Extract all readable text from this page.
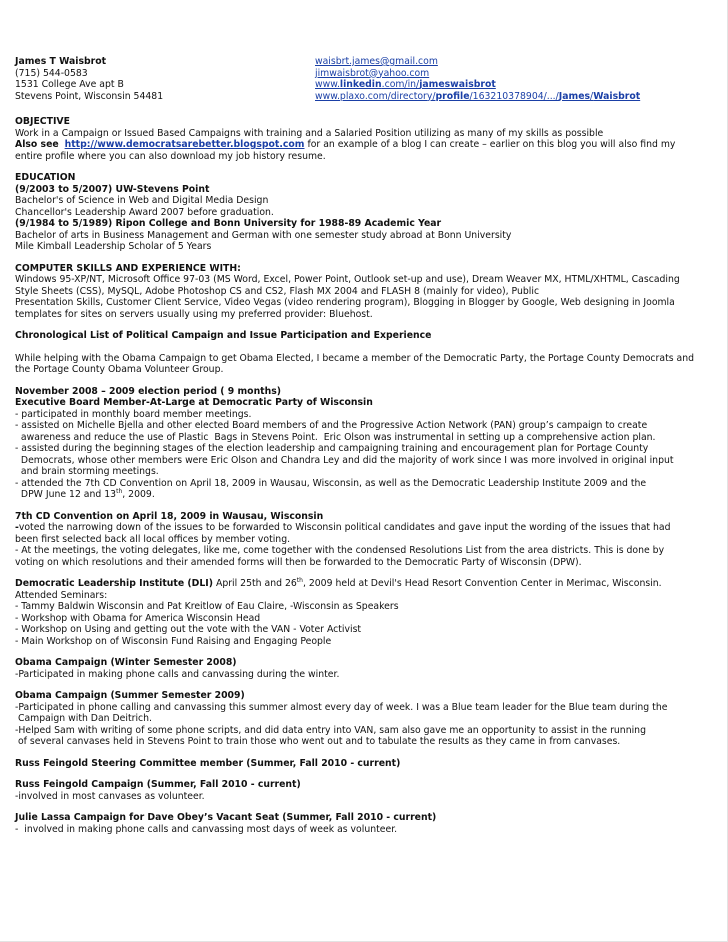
James T Waisbrot
(715) 544-0583
1531 College Ave apt B
Stevens Point, Wisconsin 54481
waisbrt.james@gmail.com
jimwaisbrot@yahoo.com
www.linkedin.com/in/jameswaisbrot
www.plaxo.com/directory/profile/163210378904/.../James/Waisbrot
OBJECTIVE
Work in a Campaign or Issued Based Campaigns with training and a Salaried Position utilizing as many of my skills as possible
Also see http://www.democratsarebetter.blogspot.com for an example of a blog I can create – earlier on this blog you will also find my
entire profile where you can also download my job history resume.
EDUCATION
(9/2003 to 5/2007) UW-Stevens Point
Bachelor's of Science in Web and Digital Media Design
Chancellor's Leadership Award 2007 before graduation.
(9/1984 to 5/1989) Ripon College and Bonn University for 1988-89 Academic Year
Bachelor of arts in Business Management and German with one semester study abroad at Bonn University
Mile Kimball Leadership Scholar of 5 Years
COMPUTER SKILLS AND EXPERIENCE WITH:
Windows 95-XP/NT, Microsoft Office 97-03 (MS Word, Excel, Power Point, Outlook set-up and use), Dream Weaver MX, HTML/XHTML, Cascading
Style Sheets (CSS), MySQL, Adobe Photoshop CS and CS2, Flash MX 2004 and FLASH 8 (mainly for video), Public
Presentation Skills, Customer Client Service, Video Vegas (video rendering program), Blogging in Blogger by Google, Web designing in Joomla
templates for sites on servers usually using my preferred provider: Bluehost.
Chronological List of Political Campaign and Issue Participation and Experience
While helping with the Obama Campaign to get Obama Elected, I became a member of the Democratic Party, the Portage County Democrats and
the Portage County Obama Volunteer Group.
November 2008 – 2009 election period ( 9 months)
Executive Board Member-At-Large at Democratic Party of Wisconsin
- participated in monthly board member meetings.
- assisted on Michelle Bjella and other elected Board members of and the Progressive Action Network (PAN) group’s campaign to create
awareness and reduce the use of Plastic  Bags in Stevens Point.  Eric Olson was instrumental in setting up a comprehensive action plan.
- assisted during the beginning stages of the election leadership and campaigning training and encouragement plan for Portage County
Democrats, whose other members were Eric Olson and Chandra Ley and did the majority of work since I was more involved in original input
and brain storming meetings.
- attended the 7th CD Convention on April 18, 2009 in Wausau, Wisconsin, as well as the Democratic Leadership Institute 2009 and the
DPW June 12 and 13th, 2009.
7th CD Convention on April 18, 2009 in Wausau, Wisconsin
-voted the narrowing down of the issues to be forwarded to Wisconsin political candidates and gave input the wording of the issues that had
been first selected back all local offices by member voting.
- At the meetings, the voting delegates, like me, come together with the condensed Resolutions List from the area districts. This is done by
voting on which resolutions and their amended forms will then be forwarded to the Democratic Party of Wisconsin (DPW).
Democratic Leadership Institute (DLI) April 25th and 26th, 2009 held at Devil's Head Resort Convention Center in Merimac, Wisconsin.
Attended Seminars:
- Tammy Baldwin Wisconsin and Pat Kreitlow of Eau Claire, -Wisconsin as Speakers
- Workshop with Obama for America Wisconsin Head
- Workshop on Using and getting out the vote with the VAN - Voter Activist
- Main Workshop on of Wisconsin Fund Raising and Engaging People
Obama Campaign (Winter Semester 2008)
-Participated in making phone calls and canvassing during the winter.
Obama Campaign (Summer Semester 2009)
-Participated in phone calling and canvassing this summer almost every day of week. I was a Blue team leader for the Blue team during the
Campaign with Dan Deitrich.
-Helped Sam with writing of some phone scripts, and did data entry into VAN, sam also gave me an opportunity to assist in the running
of several canvases held in Stevens Point to train those who went out and to tabulate the results as they came in from canvases.
Russ Feingold Steering Committee member (Summer, Fall 2010 - current)
Russ Feingold Campaign (Summer, Fall 2010 - current)
-involved in most canvases as volunteer.
Julie Lassa Campaign for Dave Obey’s Vacant Seat (Summer, Fall 2010 - current)
-  involved in making phone calls and canvassing most days of week as volunteer.
